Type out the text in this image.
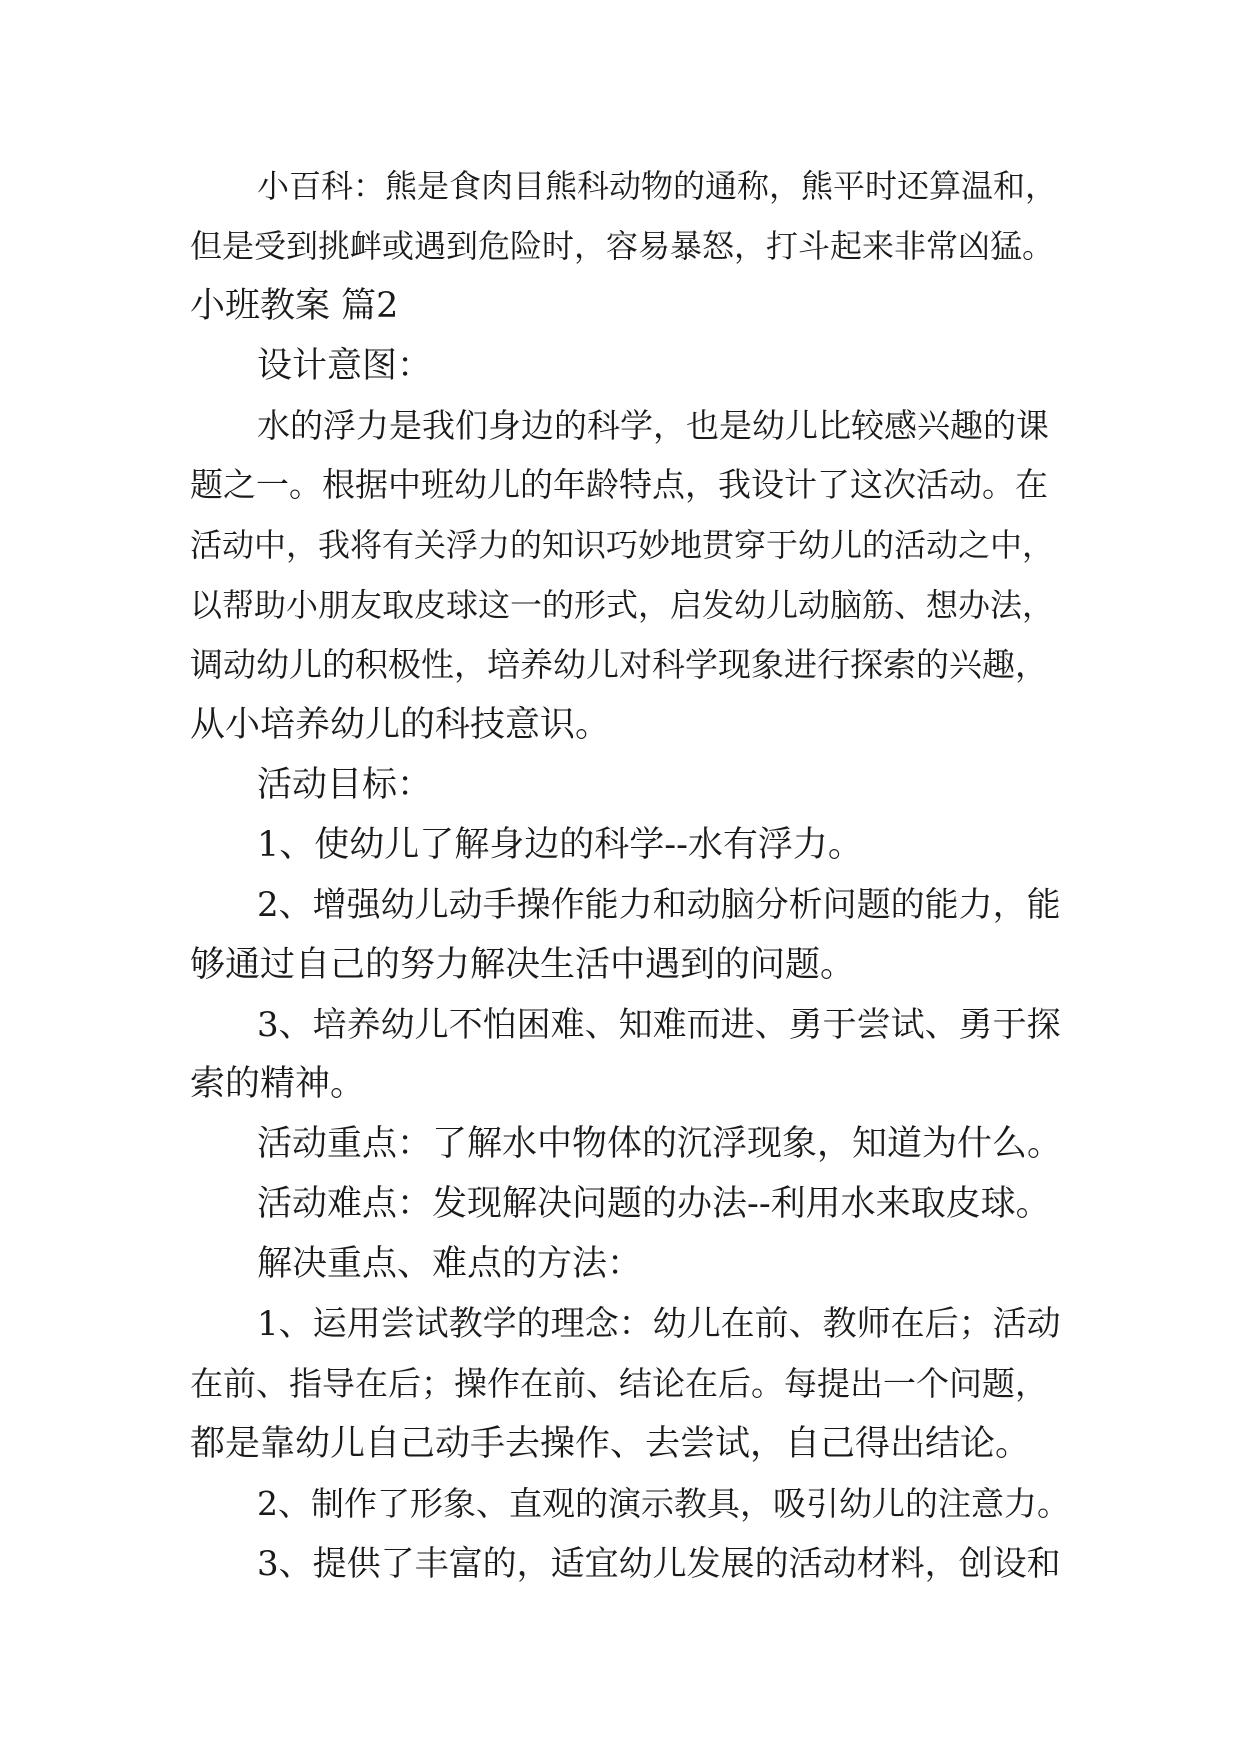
小百科：熊是食肉目熊科动物的通称，熊平时还算温和，
但是受到挑衅或遇到危险时，容易暴怒，打斗起来非常凶猛。
小班教案 篇2
设计意图：
水的浮力是我们身边的科学，也是幼儿比较感兴趣的课
题之一。根据中班幼儿的年龄特点，我设计了这次活动。在
活动中，我将有关浮力的知识巧妙地贯穿于幼儿的活动之中，
以帮助小朋友取皮球这一的形式，启发幼儿动脑筋、想办法，
调动幼儿的积极性，培养幼儿对科学现象进行探索的兴趣，
从小培养幼儿的科技意识。
活动目标：
1、使幼儿了解身边的科学--水有浮力。
2、增强幼儿动手操作能力和动脑分析问题的能力，能
够通过自己的努力解决生活中遇到的问题。
3、培养幼儿不怕困难、知难而进、勇于尝试、勇于探
索的精神。
活动重点：了解水中物体的沉浮现象，知道为什么。
活动难点：发现解决问题的办法--利用水来取皮球。
解决重点、难点的方法：
1、运用尝试教学的理念：幼儿在前、教师在后；活动
在前、指导在后；操作在前、结论在后。每提出一个问题，
都是靠幼儿自己动手去操作、去尝试，自己得出结论。
2、制作了形象、直观的演示教具，吸引幼儿的注意力。
3、提供了丰富的，适宜幼儿发展的活动材料，创设和
